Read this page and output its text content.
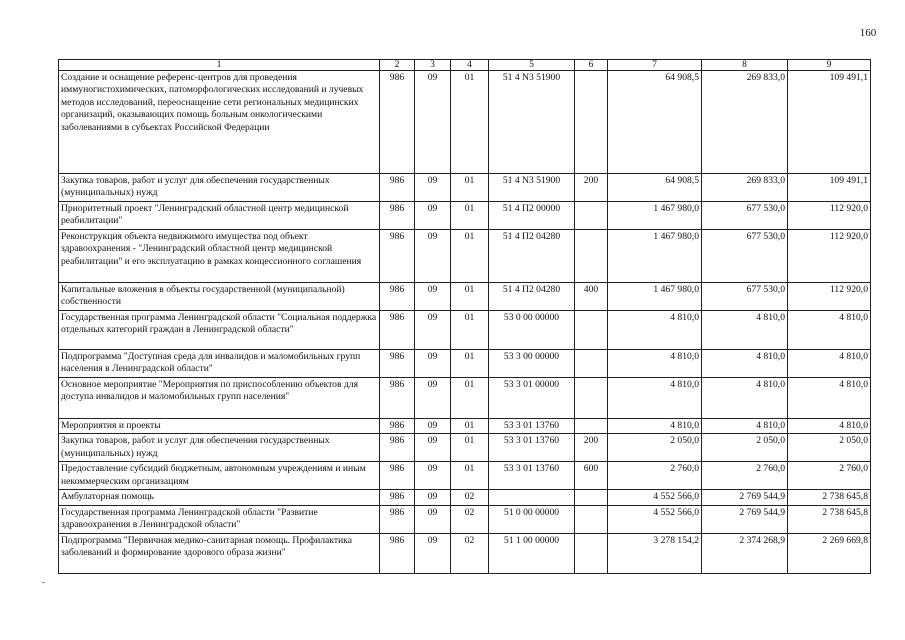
160
1	2	3	4	5	6	7	8	9
Создание и оснащение референс-центров для проведения иммуногистохимических, патоморфологических исследований и лучевых методов исследований, переоснащение сети региональных медицинских организаций, оказывающих помощь больным онкологическими заболеваниями в субъектах Российской Федерации	986	09	01	51 4 N3 51900		64 908,5	269 833,0	109 491,1
Закупка товаров, работ и услуг для обеспечения государственных (муниципальных) нужд	986	09	01	51 4 N3 51900	200	64 908,5	269 833,0	109 491,1
Приоритетный проект "Ленинградский областной центр медицинской реабилитации"	986	09	01	51 4 П2 00000		1 467 980,0	677 530,0	112 920,0
Реконструкция объекта недвижимого имущества под объект здравоохранения - "Ленинградский областной центр медицинской реабилитации" и его эксплуатацию в рамках концессионного соглашения	986	09	01	51 4 П2 04280		1 467 980,0	677 530,0	112 920,0
Капитальные вложения в объекты государственной (муниципальной) собственности	986	09	01	51 4 П2 04280	400	1 467 980,0	677 530,0	112 920,0
Государственная программа Ленинградской области "Социальная поддержка отдельных категорий граждан в Ленинградской области"	986	09	01	53 0 00 00000		4 810,0	4 810,0	4 810,0
Подпрограмма "Доступная среда для инвалидов и маломобильных групп населения в Ленинградской области"	986	09	01	53 3 00 00000		4 810,0	4 810,0	4 810,0
Основное мероприятие "Мероприятия по приспособлению объектов для доступа инвалидов и маломобильных групп населения"	986	09	01	53 3 01 00000		4 810,0	4 810,0	4 810,0
Мероприятия и проекты	986	09	01	53 3 01 13760		4 810,0	4 810,0	4 810,0
Закупка товаров, работ и услуг для обеспечения государственных (муниципальных) нужд	986	09	01	53 3 01 13760	200	2 050,0	2 050,0	2 050,0
Предоставление субсидий бюджетным, автономным учреждениям и иным некоммерческим организациям	986	09	01	53 3 01 13760	600	2 760,0	2 760,0	2 760,0
Амбулаторная помощь	986	09	02			4 552 566,0	2 769 544,9	2 738 645,8
Государственная программа Ленинградской области "Развитие здравоохранения в Ленинградской области"	986	09	02	51 0 00 00000		4 552 566,0	2 769 544,9	2 738 645,8
Подпрограмма "Первичная медико-санитарная помощь. Профилактика заболеваний и формирование здорового образа жизни"	986	09	02	51 1 00 00000		3 278 154,2	2 374 268,9	2 269 669,8
